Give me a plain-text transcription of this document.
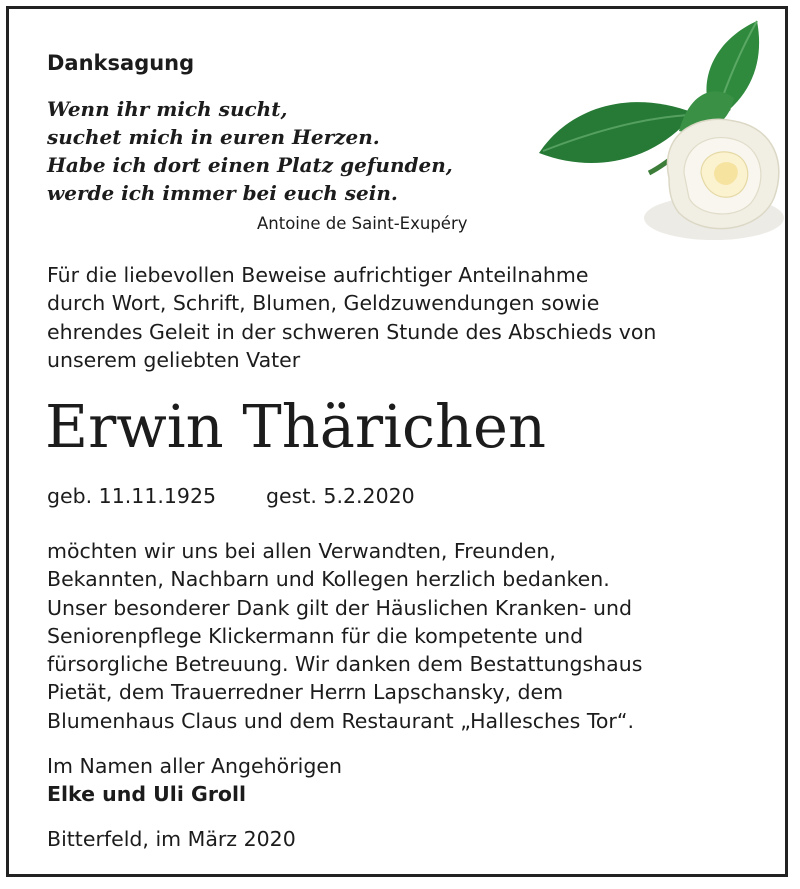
Danksagung
Wenn ihr mich sucht,
suchet mich in euren Herzen.
Habe ich dort einen Platz gefunden,
werde ich immer bei euch sein.
Antoine de Saint-Exupéry
Für die liebevollen Beweise aufrichtiger Anteilnahme
durch Wort, Schrift, Blumen, Geldzuwendungen sowie
ehrendes Geleit in der schweren Stunde des Abschieds von
unserem geliebten Vater
Erwin Thärichen
geb. 11.11.1925 gest. 5.2.2020
möchten wir uns bei allen Verwandten, Freunden,
Bekannten, Nachbarn und Kollegen herzlich bedanken.
Unser besonderer Dank gilt der Häuslichen Kranken- und
Seniorenpflege Klickermann für die kompetente und
fürsorgliche Betreuung. Wir danken dem Bestattungshaus
Pietät, dem Trauerredner Herrn Lapschansky, dem
Blumenhaus Claus und dem Restaurant „Hallesches Tor“.
Im Namen aller Angehörigen
Elke und Uli Groll
Bitterfeld, im März 2020
